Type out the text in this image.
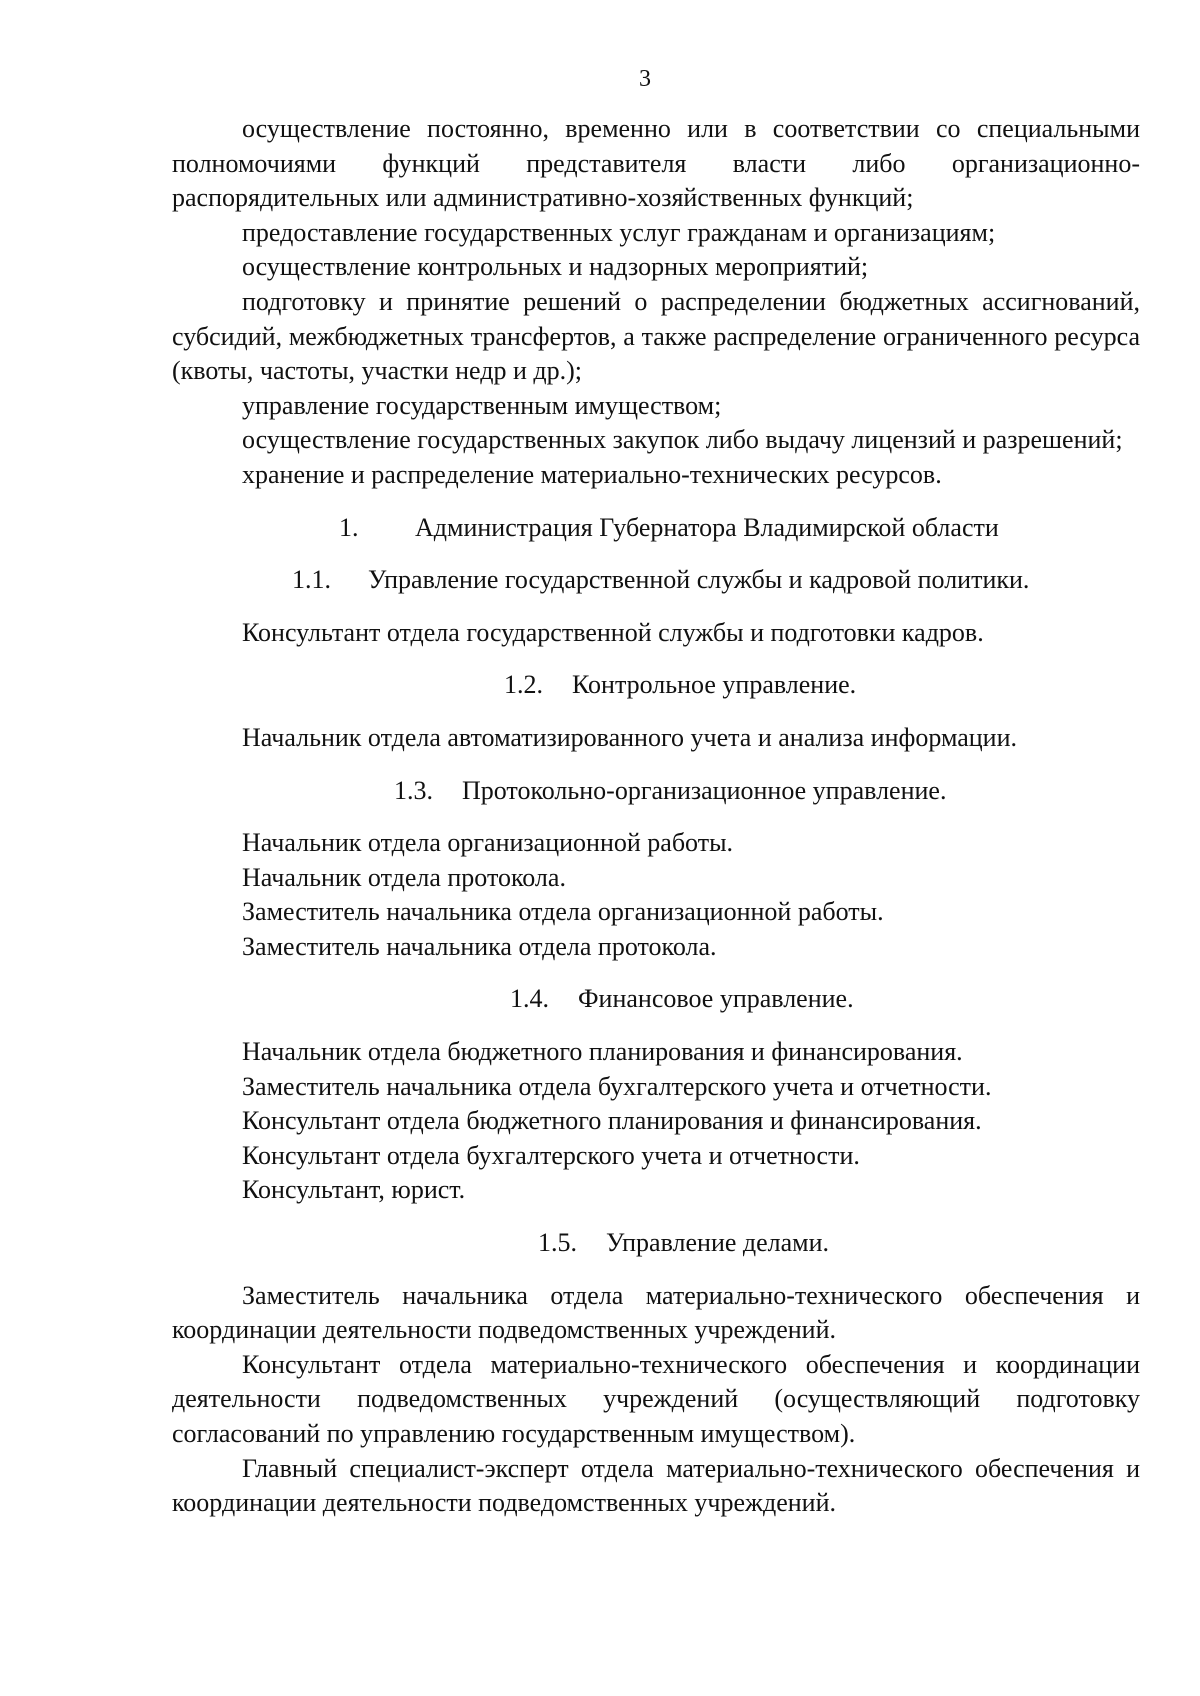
3

осуществление постоянно, временно или в соответствии со специальными полномочиями функций представителя власти либо организационно-распорядительных или административно-хозяйственных функций;

предоставление государственных услуг гражданам и организациям;

осуществление контрольных и надзорных мероприятий;

подготовку и принятие решений о распределении бюджетных ассигнований, субсидий, межбюджетных трансфертов, а также распределение ограниченного ресурса (квоты, частоты, участки недр и др.);

управление государственным имуществом;

осуществление государственных закупок либо выдачу лицензий и разрешений;

хранение и распределение материально-технических ресурсов.

1. Администрация Губернатора Владимирской области

1.1. Управление государственной службы и кадровой политики.

Консультант отдела государственной службы и подготовки кадров.

1.2. Контрольное управление.

Начальник отдела автоматизированного учета и анализа информации.

1.3. Протокольно-организационное управление.

Начальник отдела организационной работы.

Начальник отдела протокола.

Заместитель начальника отдела организационной работы.

Заместитель начальника отдела протокола.

1.4. Финансовое управление.

Начальник отдела бюджетного планирования и финансирования.

Заместитель начальника отдела бухгалтерского учета и отчетности.

Консультант отдела бюджетного планирования и финансирования.

Консультант отдела бухгалтерского учета и отчетности.

Консультант, юрист.

1.5. Управление делами.

Заместитель начальника отдела материально-технического обеспечения и координации деятельности подведомственных учреждений.

Консультант отдела материально-технического обеспечения и координации деятельности подведомственных учреждений (осуществляющий подготовку согласований по управлению государственным имуществом).

Главный специалист-эксперт отдела материально-технического обеспечения и координации деятельности подведомственных учреждений.
